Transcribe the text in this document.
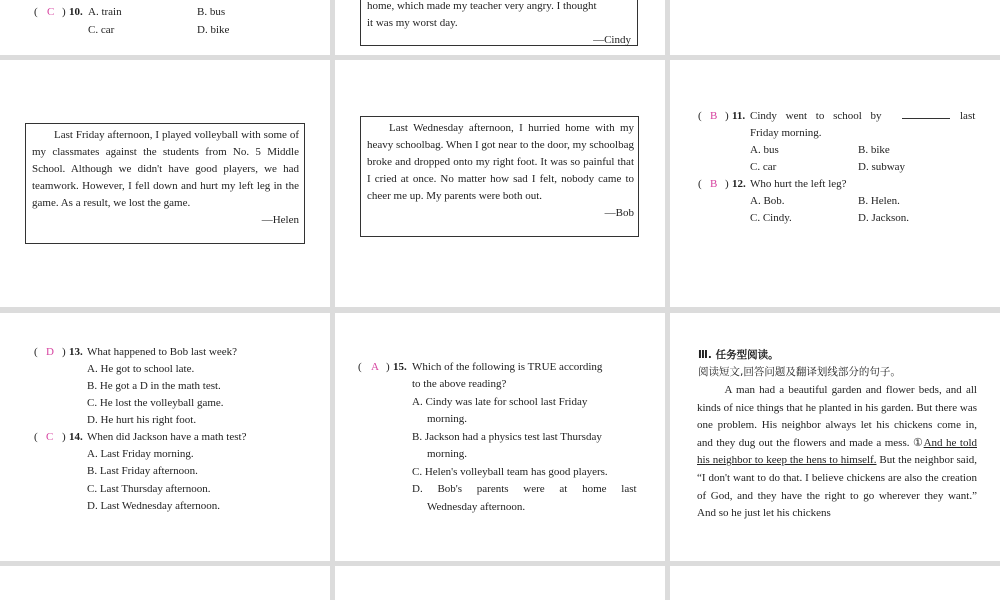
( C ) 10. A. train	B. bus
C. car	D. bike
home, which made my teacher very angry. I thought
it was my worst day.
—Cindy

Last Friday afternoon, I played volleyball with some of my classmates against the students from No. 5 Middle School. Although we didn't have good players, we had teamwork. However, I fell down and hurt my left leg in the game. As a result, we lost the game.

—Helen

Last Wednesday afternoon, I hurried home with my heavy schoolbag. When I got near to the door, my schoolbag broke and dropped onto my right foot. It was so painful that I cried at once. No matter how sad I felt, nobody came to cheer me up. My parents were both out.

—Bob
( B ) 11. Cindy went to school by	last
Friday morning.
A. bus	B. bike
C. car	D. subway
( B ) 12. Who hurt the left leg?
A. Bob.	B. Helen.
C. Cindy.	D. Jackson.
( D ) 13. What happened to Bob last week?
A. He got to school late.
B. He got a D in the math test.
C. He lost the volleyball game.
D. He hurt his right foot.
( C ) 14. When did Jackson have a math test?
A. Last Friday morning.
B. Last Friday afternoon.
C. Last Thursday afternoon.
D. Last Wednesday afternoon.
( A ) 15. Which of the following is TRUE according
to the above reading?
A. Cindy was late for school last Friday
morning.
B. Jackson had a physics test last Thursday
morning.
C. Helen's volleyball team has good players.
D. Bob's parents were at home last
Wednesday afternoon.
Ⅲ. 任务型阅读。
阅读短文,回答问题及翻译划线部分的句子。

A man had a beautiful garden and flower beds, and all kinds of nice things that he planted in his garden. But there was one problem. His neighbor always let his chickens come in, and they dug out the flowers and made a mess. ①And he told his neighbor to keep the hens to himself. But the neighbor said, “I don't want to do that. I believe chickens are also the creation of God, and they have the right to go wherever they want.” And so he just let his chickens
